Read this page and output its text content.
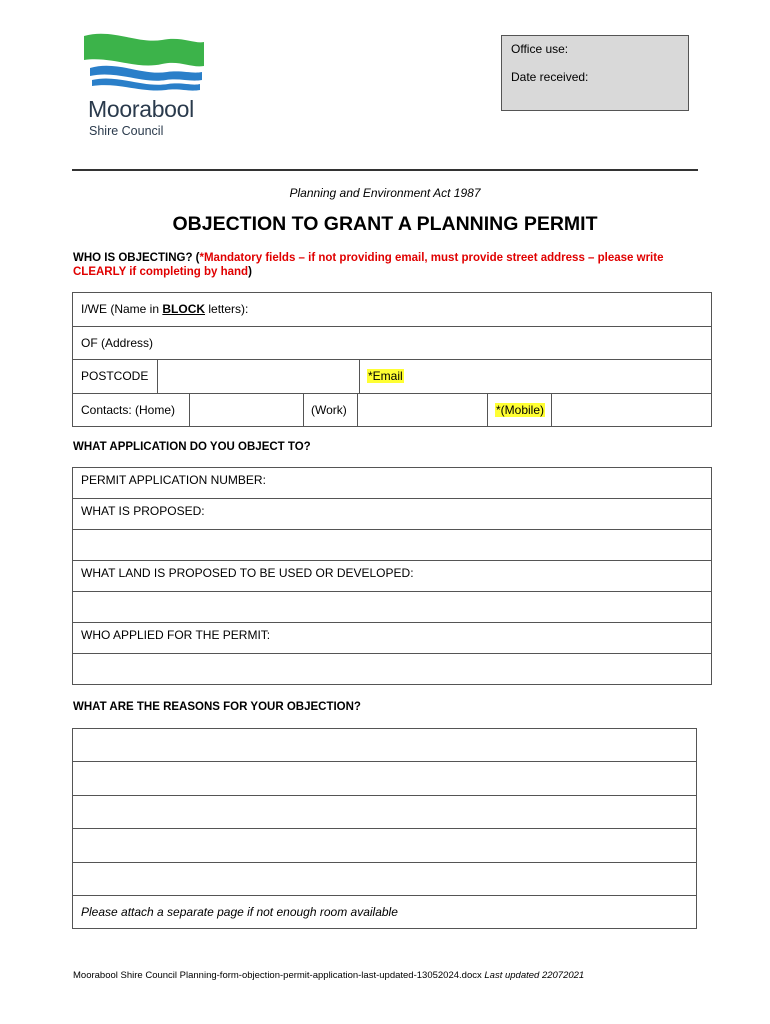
Moorabool
Shire Council
Office use:
Date received:
Planning and Environment Act 1987
OBJECTION TO GRANT A PLANNING PERMIT
WHO IS OBJECTING? (*Mandatory fields – if not providing email, must provide street address – please write CLEARLY if completing by hand)
I/WE (Name in BLOCK letters):
OF (Address)
POSTCODE	*Email
Contacts: (Home)	(Work)	*(Mobile)
WHAT APPLICATION DO YOU OBJECT TO?
PERMIT APPLICATION NUMBER:
WHAT IS PROPOSED:
WHAT LAND IS PROPOSED TO BE USED OR DEVELOPED:
WHO APPLIED FOR THE PERMIT:
WHAT ARE THE REASONS FOR YOUR OBJECTION?
Please attach a separate page if not enough room available
Moorabool Shire Council Planning-form-objection-permit-application-last-updated-13052024.docx Last updated 22072021
